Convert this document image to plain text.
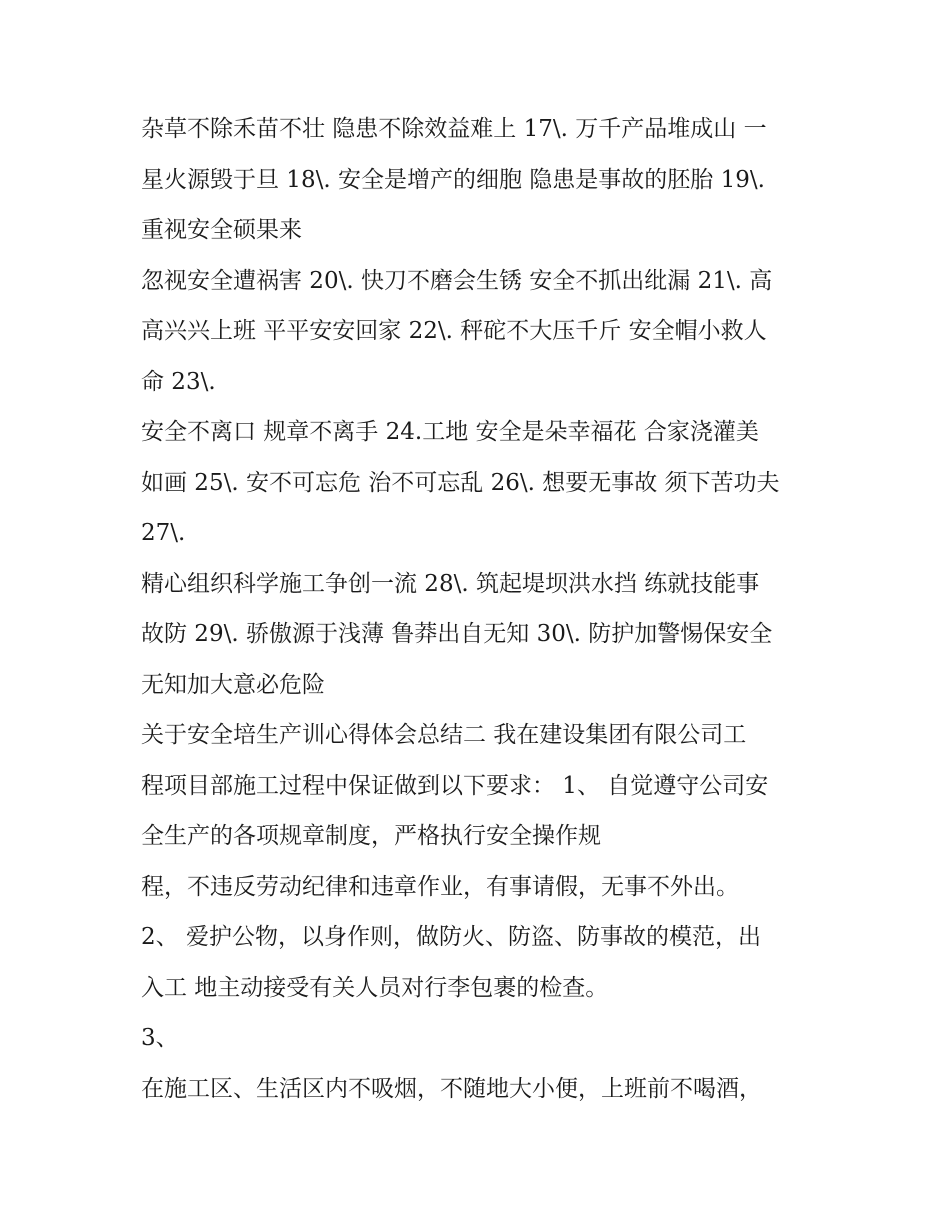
杂草不除禾苗不壮 隐患不除效益难上 17\. 万千产品堆成山 一
星火源毁于旦 18\. 安全是增产的细胞 隐患是事故的胚胎 19\.
重视安全硕果来
忽视安全遭祸害 20\. 快刀不磨会生锈 安全不抓出纰漏 21\. 高
高兴兴上班 平平安安回家 22\. 秤砣不大压千斤 安全帽小救人
命 23\.
安全不离口 规章不离手 24.工地 安全是朵幸福花 合家浇灌美
如画 25\. 安不可忘危 治不可忘乱 26\. 想要无事故 须下苦功夫
27\.
精心组织科学施工争创一流 28\. 筑起堤坝洪水挡 练就技能事
故防 29\. 骄傲源于浅薄 鲁莽出自无知 30\. 防护加警惕保安全
无知加大意必危险
关于安全培生产训心得体会总结二 我在建设集团有限公司工
程项目部施工过程中保证做到以下要求： 1、 自觉遵守公司安
全生产的各项规章制度，严格执行安全操作规
程，不违反劳动纪律和违章作业，有事请假，无事不外出。
2、 爱护公物，以身作则，做防火、防盗、防事故的模范，出
入工 地主动接受有关人员对行李包裹的检查。
3、
在施工区、生活区内不吸烟，不随地大小便，上班前不喝酒，
